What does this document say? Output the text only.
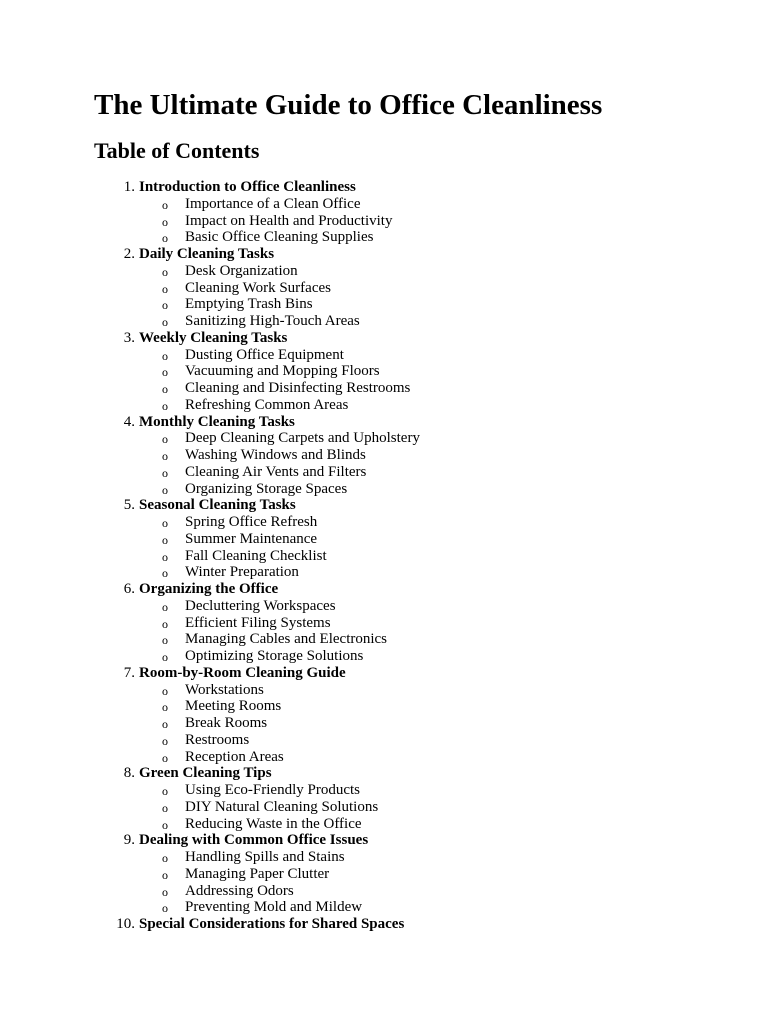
The Ultimate Guide to Office Cleanliness
Table of Contents
1. Introduction to Office Cleanliness
o Importance of a Clean Office
o Impact on Health and Productivity
o Basic Office Cleaning Supplies
2. Daily Cleaning Tasks
o Desk Organization
o Cleaning Work Surfaces
o Emptying Trash Bins
o Sanitizing High-Touch Areas
3. Weekly Cleaning Tasks
o Dusting Office Equipment
o Vacuuming and Mopping Floors
o Cleaning and Disinfecting Restrooms
o Refreshing Common Areas
4. Monthly Cleaning Tasks
o Deep Cleaning Carpets and Upholstery
o Washing Windows and Blinds
o Cleaning Air Vents and Filters
o Organizing Storage Spaces
5. Seasonal Cleaning Tasks
o Spring Office Refresh
o Summer Maintenance
o Fall Cleaning Checklist
o Winter Preparation
6. Organizing the Office
o Decluttering Workspaces
o Efficient Filing Systems
o Managing Cables and Electronics
o Optimizing Storage Solutions
7. Room-by-Room Cleaning Guide
o Workstations
o Meeting Rooms
o Break Rooms
o Restrooms
o Reception Areas
8. Green Cleaning Tips
o Using Eco-Friendly Products
o DIY Natural Cleaning Solutions
o Reducing Waste in the Office
9. Dealing with Common Office Issues
o Handling Spills and Stains
o Managing Paper Clutter
o Addressing Odors
o Preventing Mold and Mildew
10. Special Considerations for Shared Spaces
